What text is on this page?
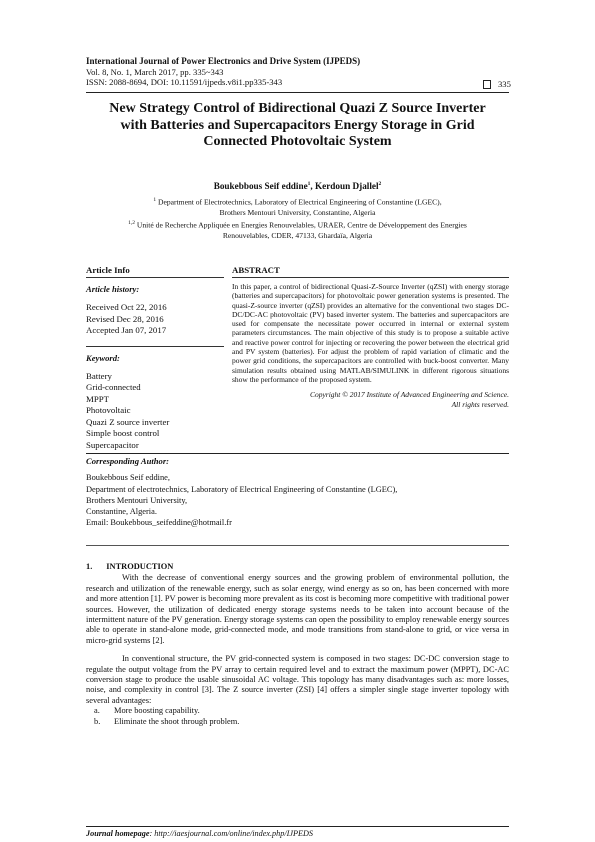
International Journal of Power Electronics and Drive System (IJPEDS)
Vol. 8, No. 1, March 2017, pp. 335~343
ISSN: 2088-8694, DOI: 10.11591/ijpeds.v8i1.pp335-343	335
New Strategy Control of Bidirectional Quazi Z Source Inverter
with Batteries and Supercapacitors Energy Storage in Grid
Connected Photovoltaic System
Boukebbous Seif eddine$^1$, Kerdoun Djallel$^2$
$^1$ Department of Electrotechnics, Laboratory of Electrical Engineering of Constantine (LGEC),
Brothers Mentouri University, Constantine, Algeria
$^{1,2}$ Unité de Recherche Appliquée en Energies Renouvelables, URAER, Centre de Développement des Energies
Renouvelables, CDER, 47133, Ghardaïa, Algeria
Article Info
Article history:
Received Oct 22, 2016
Revised Dec 28, 2016
Accepted Jan 07, 2017
Keyword:
Battery
Grid-connected
MPPT
Photovoltaic
Quazi Z source inverter
Simple boost control
Supercapacitor
ABSTRACT
In this paper, a control of bidirectional Quasi-Z-Source Inverter (qZSI) with energy storage (batteries and supercapacitors) for photovoltaic power generation systems is presented. The quasi-Z-source inverter (qZSI) provides an alternative for the conventional two stages DC-DC/DC-AC photovoltaic (PV) based inverter system. The batteries and supercapacitors are used for compensate the necessitate power occurred in internal or external system parameters circumstances. The main objective of this study is to propose a suitable active and reactive power control for injecting or recovering the power between the electrical grid and PV system (batteries). For adjust the problem of rapid variation of climatic and the power grid conditions, the supercapacitors are controlled with buck-boost converter. Many simulation results obtained using MATLAB/SIMULINK in different rigorous situations show the performance of the proposed system.
Copyright © 2017 Institute of Advanced Engineering and Science.
All rights reserved.
Corresponding Author:
Boukebbous Seif eddine,
Department of electrotechnics, Laboratory of Electrical Engineering of Constantine (LGEC),
Brothers Mentouri University,
Constantine, Algeria.
Email: Boukebbous_seifeddine@hotmail.fr
1. INTRODUCTION

With the decrease of conventional energy sources and the growing problem of environmental pollution, the research and utilization of the renewable energy, such as solar energy, wind energy as so on, has been concerned with more and more attention [1]. PV power is becoming more prevalent as its cost is becoming more competitive with traditional power sources. However, the utilization of dedicated energy storage systems needs to be taken into account because of the intermittent nature of the PV generation. Energy storage systems can open the possibility to employ renewable energy sources able to operate in stand-alone mode, grid-connected mode, and mode transitions from stand-alone to grid, or vice versa in micro-grid systems [2].

In conventional structure, the PV grid-connected system is composed in two stages: DC-DC conversion stage to regulate the output voltage from the PV array to certain required level and to extract the maximum power (MPPT), DC-AC conversion stage to produce the usable sinusoidal AC voltage. This topology has many disadvantages such as: more losses, noise, and complexity in control [3]. The Z source inverter (ZSI) [4] offers a simpler single stage inverter topology with several advantages:

a.	More boosting capability.
b.	Eliminate the shoot through problem.
Journal homepage: http://iaesjournal.com/online/index.php/IJPEDS
